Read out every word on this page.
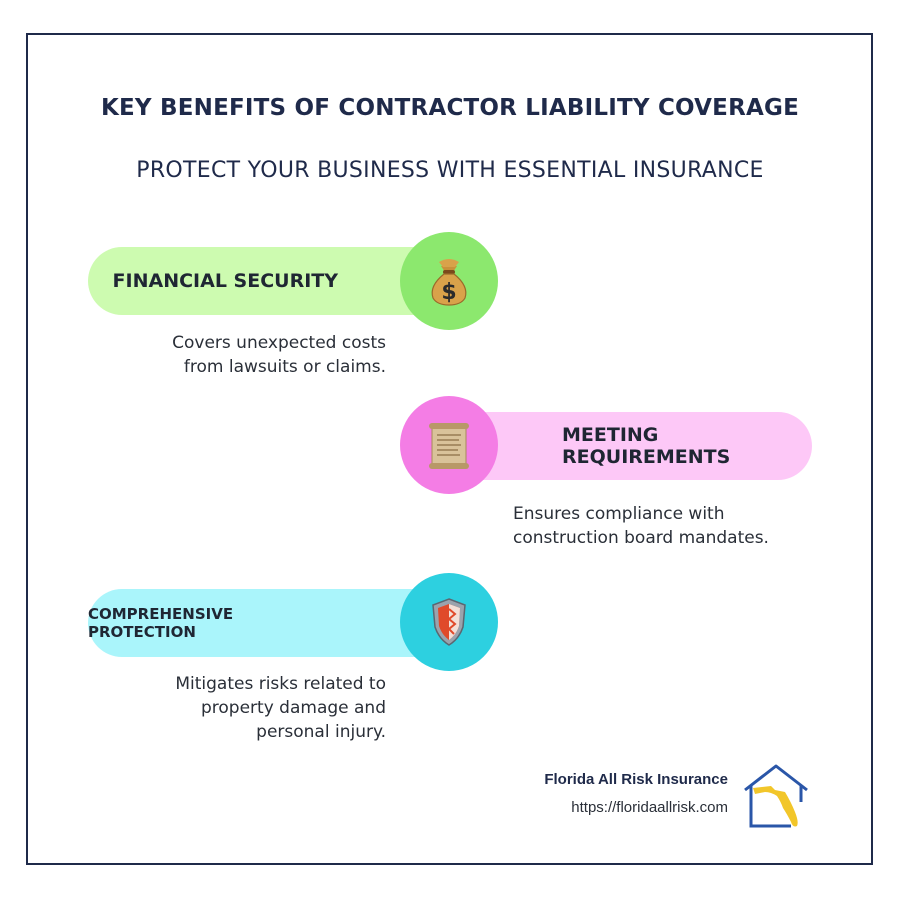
KEY BENEFITS OF CONTRACTOR LIABILITY COVERAGE
PROTECT YOUR BUSINESS WITH ESSENTIAL INSURANCE
FINANCIAL SECURITY	$
Covers unexpected costs
from lawsuits or claims.
MEETING REQUIREMENTS
Ensures compliance with
construction board mandates.
COMPREHENSIVE PROTECTION
Mitigates risks related to
property damage and
personal injury.
Florida All Risk Insurance
https://floridaallrisk.com
